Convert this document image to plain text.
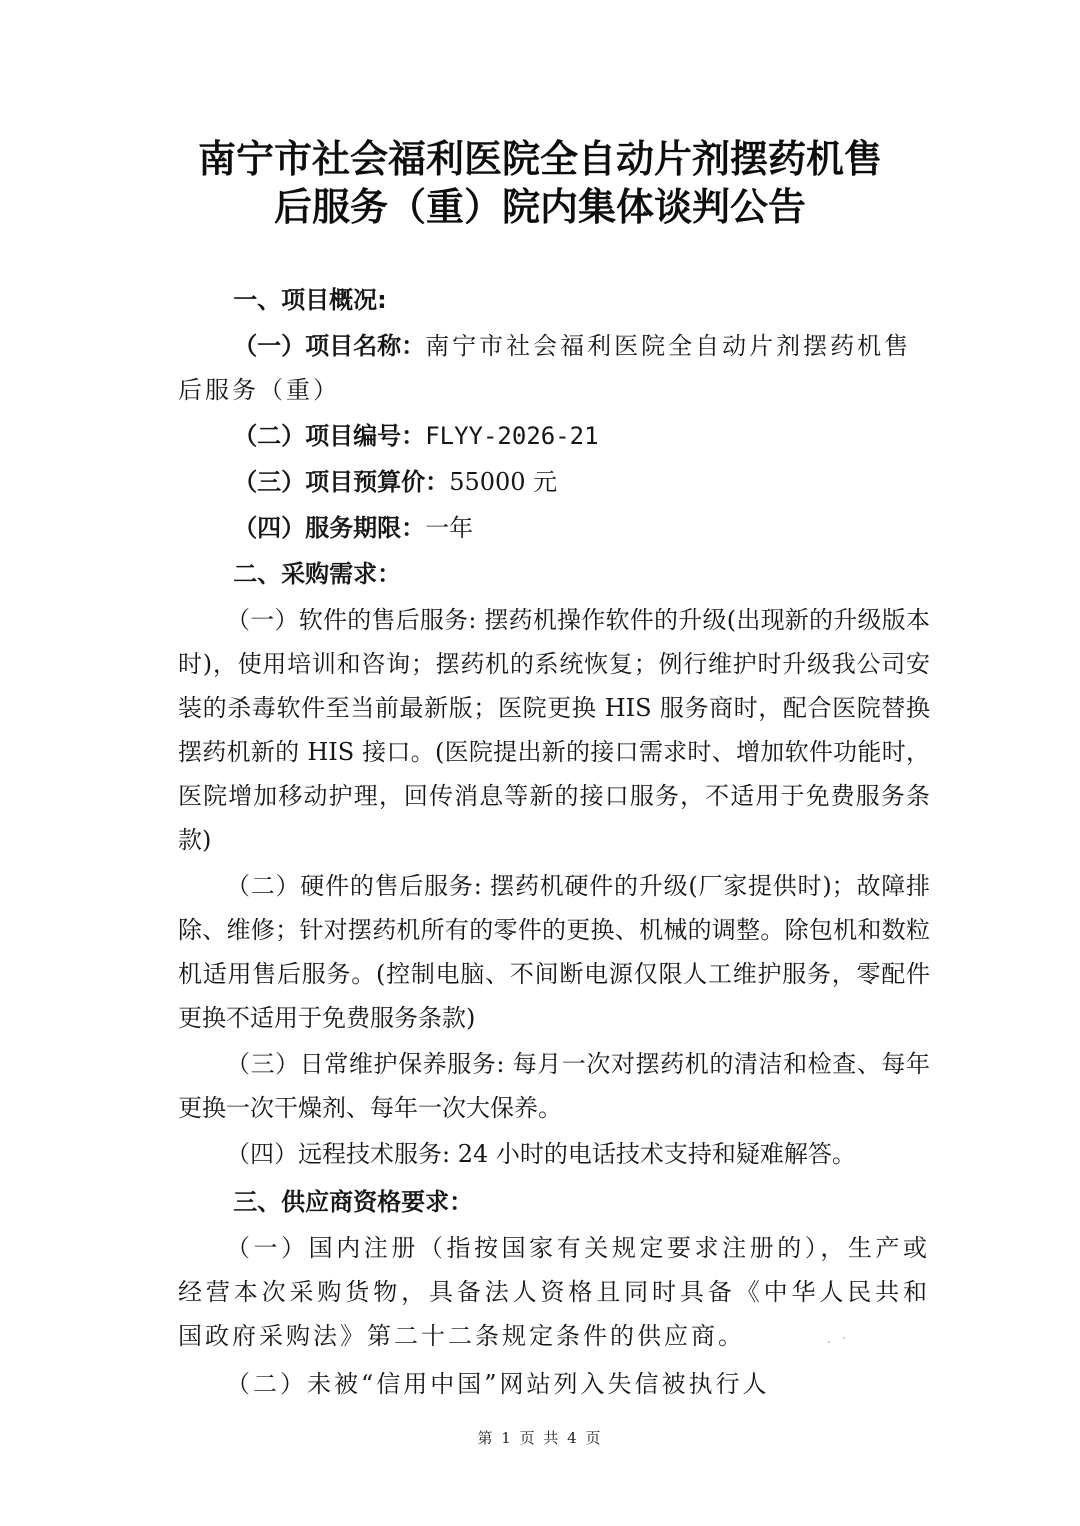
南宁市社会福利医院全自动片剂摆药机售
后服务（重）院内集体谈判公告

一、项目概况:

（一）项目名称：南宁市社会福利医院全自动片剂摆药机售后服务（重）

（二）项目编号：FLYY-2026-21

（三）项目预算价：55000 元

（四）服务期限：一年

二、采购需求：

（一）软件的售后服务: 摆药机操作软件的升级(出现新的升级版本时)，使用培训和咨询；摆药机的系统恢复；例行维护时升级我公司安装的杀毒软件至当前最新版；医院更换 HIS 服务商时，配合医院替换摆药机新的 HIS 接口。(医院提出新的接口需求时、增加软件功能时，医院增加移动护理，回传消息等新的接口服务，不适用于免费服务条款)

（二）硬件的售后服务: 摆药机硬件的升级(厂家提供时)；故障排除、维修；针对摆药机所有的零件的更换、机械的调整。除包机和数粒机适用售后服务。(控制电脑、不间断电源仅限人工维护服务，零配件更换不适用于免费服务条款)

（三）日常维护保养服务: 每月一次对摆药机的清洁和检查、每年更换一次干燥剂、每年一次大保养。

（四）远程技术服务: 24 小时的电话技术支持和疑难解答。

三、供应商资格要求：

（一）国内注册（指按国家有关规定要求注册的），生产或经营本次采购货物，具备法人资格且同时具备《中华人民共和国政府采购法》第二十二条规定条件的供应商。

（二）未被“信用中国”网站列入失信被执行人

第 1 页 共 4 页
